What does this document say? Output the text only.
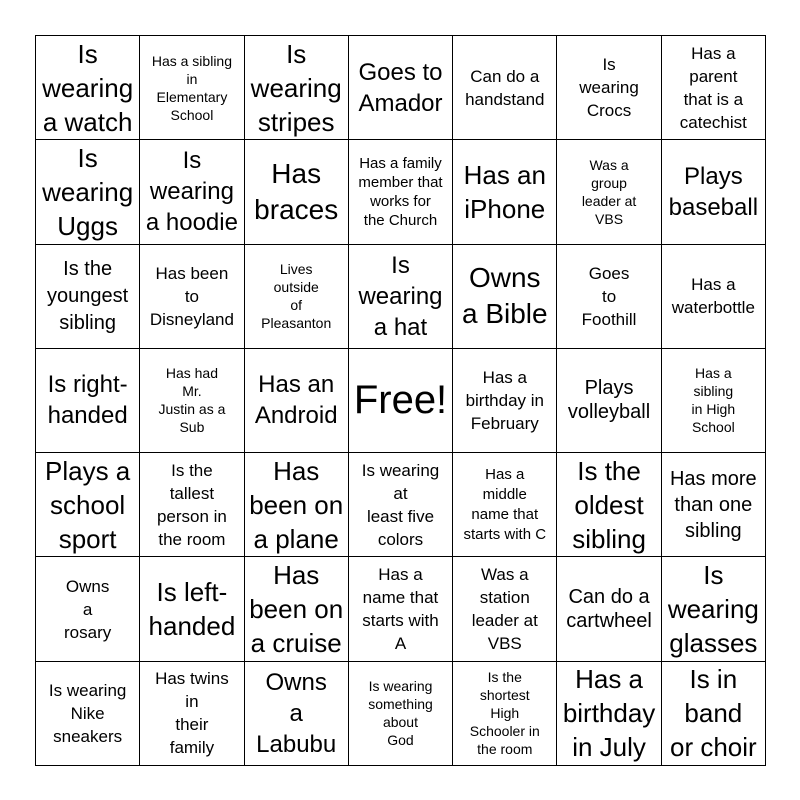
Is
wearing
a watch
Has a sibling
in
Elementary
School
Is
wearing
stripes
Goes to
Amador
Can do a
handstand
Is
wearing
Crocs
Has a
parent
that is a
catechist
Is
wearing
Uggs
Is
wearing
a hoodie
Has
braces
Has a family
member that
works for
the Church
Has an
iPhone
Was a
group
leader at
VBS
Plays
baseball
Is the
youngest
sibling
Has been
to
Disneyland
Lives
outside
of
Pleasanton
Is
wearing
a hat
Owns
a Bible
Goes
to
Foothill
Has a
waterbottle
Is right-
handed
Has had
Mr.
Justin as a
Sub
Has an
Android Free!
Has a
birthday in
February
Plays
volleyball
Has a
sibling
in High
School
Plays a
school
sport
Is the
tallest
person in
the room
Has
been on
a plane
Is wearing
at
least five
colors
Has a
middle
name that
starts with C
Is the
oldest
sibling
Has more
than one
sibling
Owns
a
rosary
Is left-
handed
Has
been on
a cruise
Has a
name that
starts with
A
Was a
station
leader at
VBS
Can do a
cartwheel
Is
wearing
glasses
Is wearing
Nike
sneakers
Has twins
in
their
family
Owns
a
Labubu
Is wearing
something
about
God
Is the
shortest
High
Schooler in
the room
Has a
birthday
in July
Is in
band
or choir
